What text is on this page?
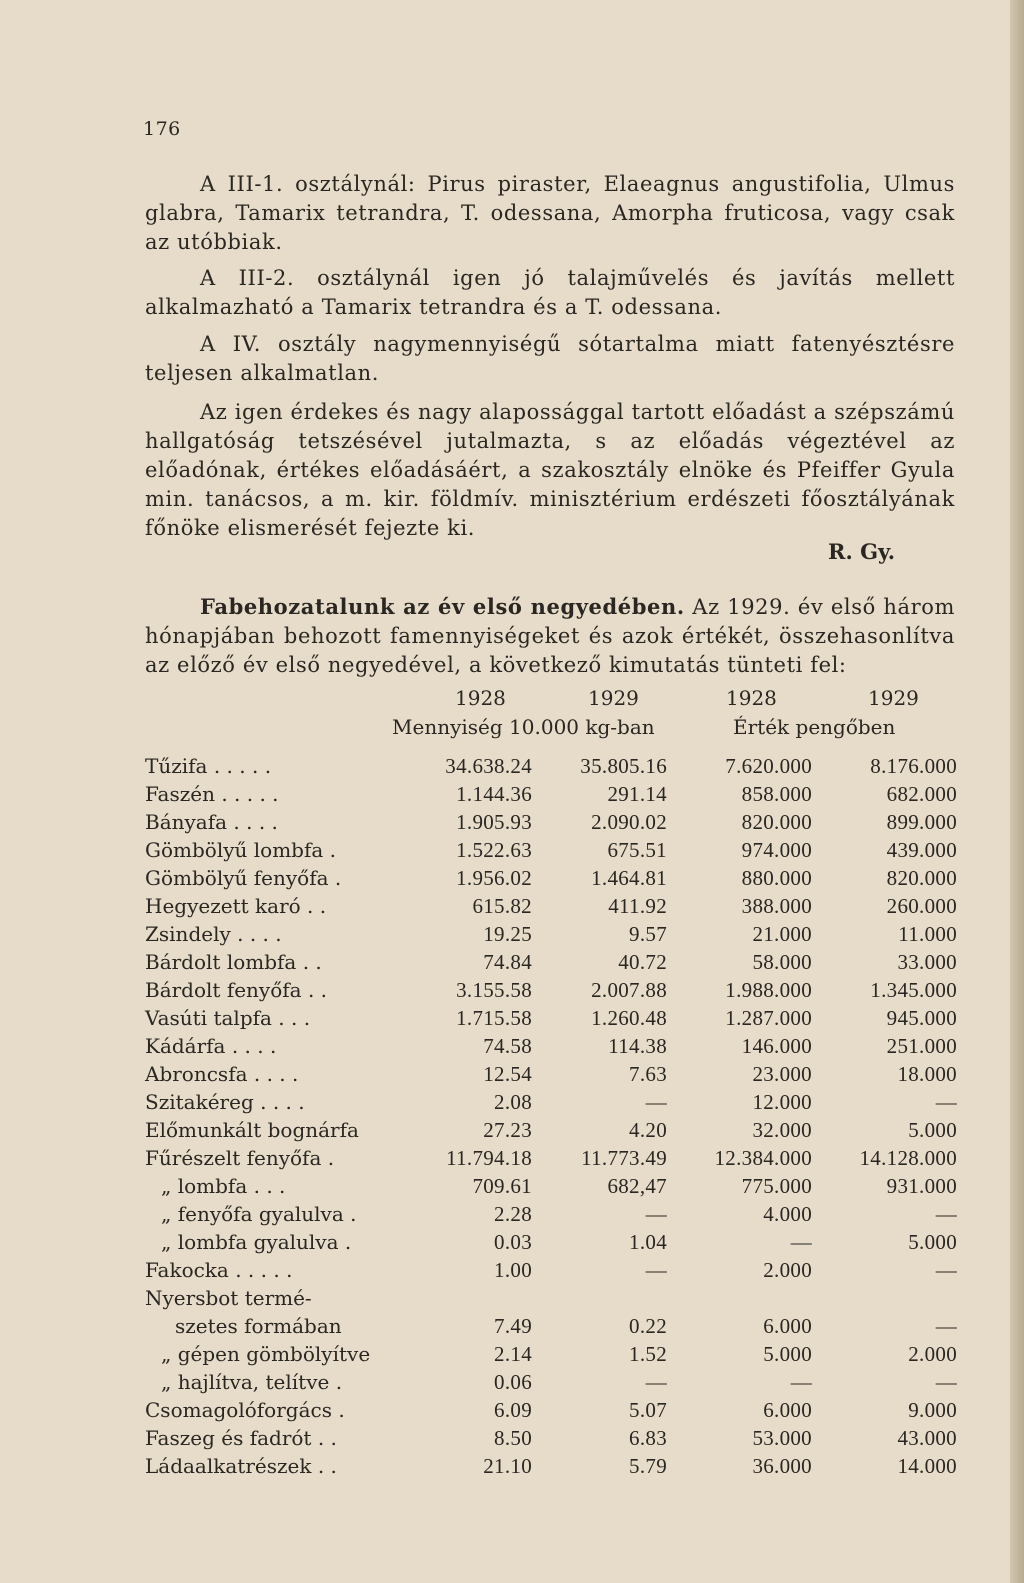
176

A III-1. osztálynál: Pirus piraster, Elaeagnus angustifolia, Ulmus glabra, Tamarix tetrandra, T. odessana, Amorpha fruticosa, vagy csak az utóbbiak.

A III-2. osztálynál igen jó talajművelés és javítás mellett alkalmazható a Tamarix tetrandra és a T. odessana.

A IV. osztály nagymennyiségű sótartalma miatt fatenyésztésre teljesen alkalmatlan.

Az igen érdekes és nagy alapossággal tartott előadást a szépszámú hallgatóság tetszésével jutalmazta, s az előadás végeztével az előadónak, értékes előadásáért, a szakosztály elnöke és Pfeiffer Gyula min. tanácsos, a m. kir. földmív. minisztérium erdészeti főosztályának főnöke elismerését fejezte ki.

R. Gy.

Fabehozatalunk az év első negyedében. Az 1929. év első három hónapjában behozott famennyiségeket és azok értékét, összehasonlítva az előző év első negyedével, a következő kimutatás tünteti fel:

1928	1929	1928	1929
Mennyiség 10.000 kg-ban	Érték pengőben
Tűzifa . . . . .	34.638.24 35.805.16	7.620.000	8.176.000
Faszén . . . . .	1.144.36	291.14	858.000	682.000
Bányafa . . . .	1.905.93	2.090.02	820.000	899.000
Gömbölyű lombfa .	1.522.63	675.51	974.000	439.000
Gömbölyű fenyőfa .	1.956.02	1.464.81	880.000	820.000
Hegyezett karó . .	615.82	411.92	388.000	260.000
Zsindely . . . .	19.25	9.57	21.000	11.000
Bárdolt lombfa . .	74.84	40.72	58.000	33.000
Bárdolt fenyőfa . .	3.155.58	2.007.88	1.988.000	1.345.000
Vasúti talpfa . . .	1.715.58	1.260.48	1.287.000	945.000
Kádárfa . . . .	74.58	114.38	146.000	251.000
Abroncsfa . . . .	12.54	7.63	23.000	18.000
Szitakéreg . . . .	2.08	—	12.000	—
Előmunkált bognárfa	27.23	4.20	32.000	5.000
Fűrészelt fenyőfa .	11.794.18 11.773.49 12.384.000 14.128.000
„ lombfa . . .	709.61	682,47	775.000	931.000
„ fenyőfa gyalulva .	2.28	—	4.000	—
„ lombfa gyalulva .	0.03	1.04	—	5.000
Fakocka . . . . .	1.00	—	2.000	—
Nyersbot termé-
szetes formában	7.49	0.22	6.000	—
„ gépen gömbölyítve	2.14	1.52	5.000	2.000
„ hajlítva, telítve .	0.06	—	—	—
Csomagolóforgács .	6.09	5.07	6.000	9.000
Faszeg és fadrót . .	8.50	6.83	53.000	43.000
Ládaalkatrészek . .	21.10	5.79	36.000	14.000
